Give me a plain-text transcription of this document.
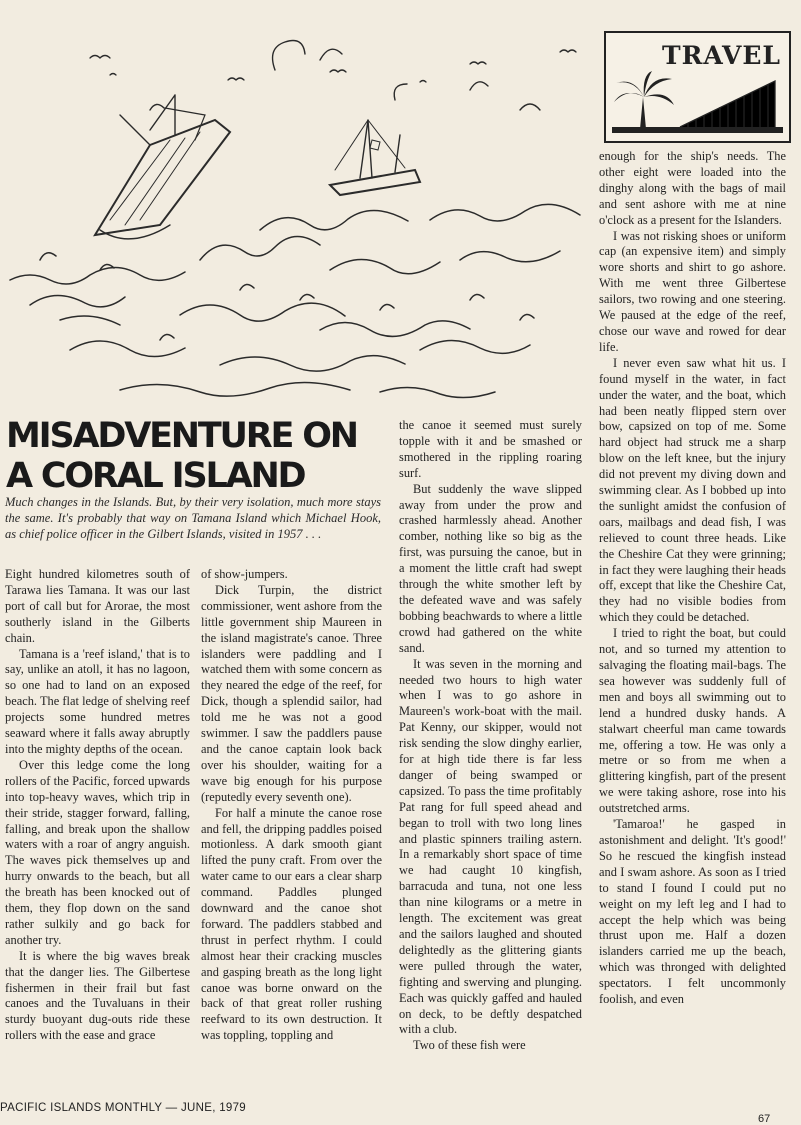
TRAVEL
MISADVENTURE ON
A CORAL ISLAND

Much changes in the Islands. But, by their very isolation, much more stays the same. It's probably that way on Tamana Island which Michael Hook, as chief police officer in the Gilbert Islands, visited in 1957 . . .

Eight hundred kilometres south of Tarawa lies Tamana. It was our last port of call but for Arorae, the most southerly island in the Gilberts chain.

Tamana is a 'reef island,' that is to say, unlike an atoll, it has no lagoon, so one had to land on an exposed beach. The flat ledge of shelving reef projects some hundred metres seaward where it falls away abruptly into the mighty depths of the ocean.

Over this ledge come the long rollers of the Pacific, forced upwards into top-heavy waves, which trip in their stride, stagger forward, falling, falling, and break upon the shallow waters with a roar of angry anguish. The waves pick themselves up and hurry onwards to the beach, but all the breath has been knocked out of them, they flop down on the sand rather sulkily and go back for another try.

It is where the big waves break that the danger lies. The Gilbertese fishermen in their frail but fast canoes and the Tuvaluans in their sturdy buoyant dug-outs ride these rollers with the ease and grace

of show-jumpers.

Dick Turpin, the district commissioner, went ashore from the little government ship Maureen in the island magistrate's canoe. Three islanders were paddling and I watched them with some concern as they neared the edge of the reef, for Dick, though a splendid sailor, had told me he was not a good swimmer. I saw the paddlers pause and the canoe captain look back over his shoulder, waiting for a wave big enough for his purpose (reputedly every seventh one).

For half a minute the canoe rose and fell, the dripping paddles poised motionless. A dark smooth giant lifted the puny craft. From over the water came to our ears a clear sharp command. Paddles plunged downward and the canoe shot forward. The paddlers stabbed and thrust in perfect rhythm. I could almost hear their cracking muscles and gasping breath as the long light canoe was borne onward on the back of that great roller rushing reefward to its own destruction. It was toppling, toppling and

the canoe it seemed must surely topple with it and be smashed or smothered in the rippling roaring surf.

But suddenly the wave slipped away from under the prow and crashed harmlessly ahead. Another comber, nothing like so big as the first, was pursuing the canoe, but in a moment the little craft had swept through the white smother left by the defeated wave and was safely bobbing beachwards to where a little crowd had gathered on the white sand.

It was seven in the morning and needed two hours to high water when I was to go ashore in Maureen's work-boat with the mail. Pat Kenny, our skipper, would not risk sending the slow dinghy earlier, for at high tide there is far less danger of being swamped or capsized. To pass the time profitably Pat rang for full speed ahead and began to troll with two long lines and plastic spinners trailing astern. In a remarkably short space of time we had caught 10 kingfish, barracuda and tuna, not one less than nine kilograms or a metre in length. The excitement was great and the sailors laughed and shouted delightedly as the glittering giants were pulled through the water, fighting and swerving and plunging. Each was quickly gaffed and hauled on deck, to be deftly despatched with a club.

Two of these fish were

enough for the ship's needs. The other eight were loaded into the dinghy along with the bags of mail and sent ashore with me at nine o'clock as a present for the Islanders.

I was not risking shoes or uniform cap (an expensive item) and simply wore shorts and shirt to go ashore. With me went three Gilbertese sailors, two rowing and one steering. We paused at the edge of the reef, chose our wave and rowed for dear life.

I never even saw what hit us. I found myself in the water, in fact under the water, and the boat, which had been neatly flipped stern over bow, capsized on top of me. Some hard object had struck me a sharp blow on the left knee, but the injury did not prevent my diving down and swimming clear. As I bobbed up into the sunlight amidst the confusion of oars, mailbags and dead fish, I was relieved to count three heads. Like the Cheshire Cat they were grinning; in fact they were laughing their heads off, except that like the Cheshire Cat, they had no visible bodies from which they could be detached.

I tried to right the boat, but could not, and so turned my attention to salvaging the floating mail-bags. The sea however was suddenly full of men and boys all swimming out to lend a hundred dusky hands. A stalwart cheerful man came towards me, offering a tow. He was only a metre or so from me when a glittering kingfish, part of the present we were taking ashore, rose into his outstretched arms.

'Tamaroa!' he gasped in astonishment and delight. 'It's good!' So he rescued the kingfish instead and I swam ashore. As soon as I tried to stand I found I could put no weight on my left leg and I had to accept the help which was being thrust upon me. Half a dozen islanders carried me up the beach, which was thronged with delighted spectators. I felt uncommonly foolish, and even

PACIFIC ISLANDS MONTHLY — JUNE, 1979
67
